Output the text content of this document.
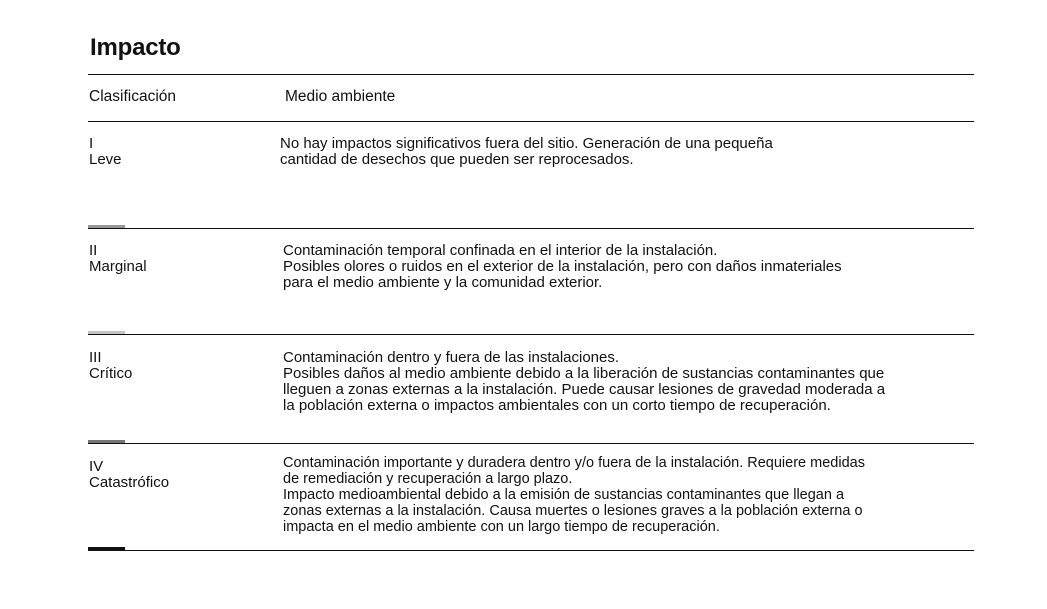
Impacto
Clasificación	Medio ambiente
I
Leve
No hay impactos significativos fuera del sitio. Generación de una pequeña
cantidad de desechos que pueden ser reprocesados.
II
Marginal
Contaminación temporal confinada en el interior de la instalación.
Posibles olores o ruidos en el exterior de la instalación, pero con daños inmateriales
para el medio ambiente y la comunidad exterior.
III
Crítico
Contaminación dentro y fuera de las instalaciones.
Posibles daños al medio ambiente debido a la liberación de sustancias contaminantes que
lleguen a zonas externas a la instalación. Puede causar lesiones de gravedad moderada a
la población externa o impactos ambientales con un corto tiempo de recuperación.
IV
Catastrófico
Contaminación importante y duradera dentro y/o fuera de la instalación. Requiere medidas
de remediación y recuperación a largo plazo.
Impacto medioambiental debido a la emisión de sustancias contaminantes que llegan a
zonas externas a la instalación. Causa muertes o lesiones graves a la población externa o
impacta en el medio ambiente con un largo tiempo de recuperación.
